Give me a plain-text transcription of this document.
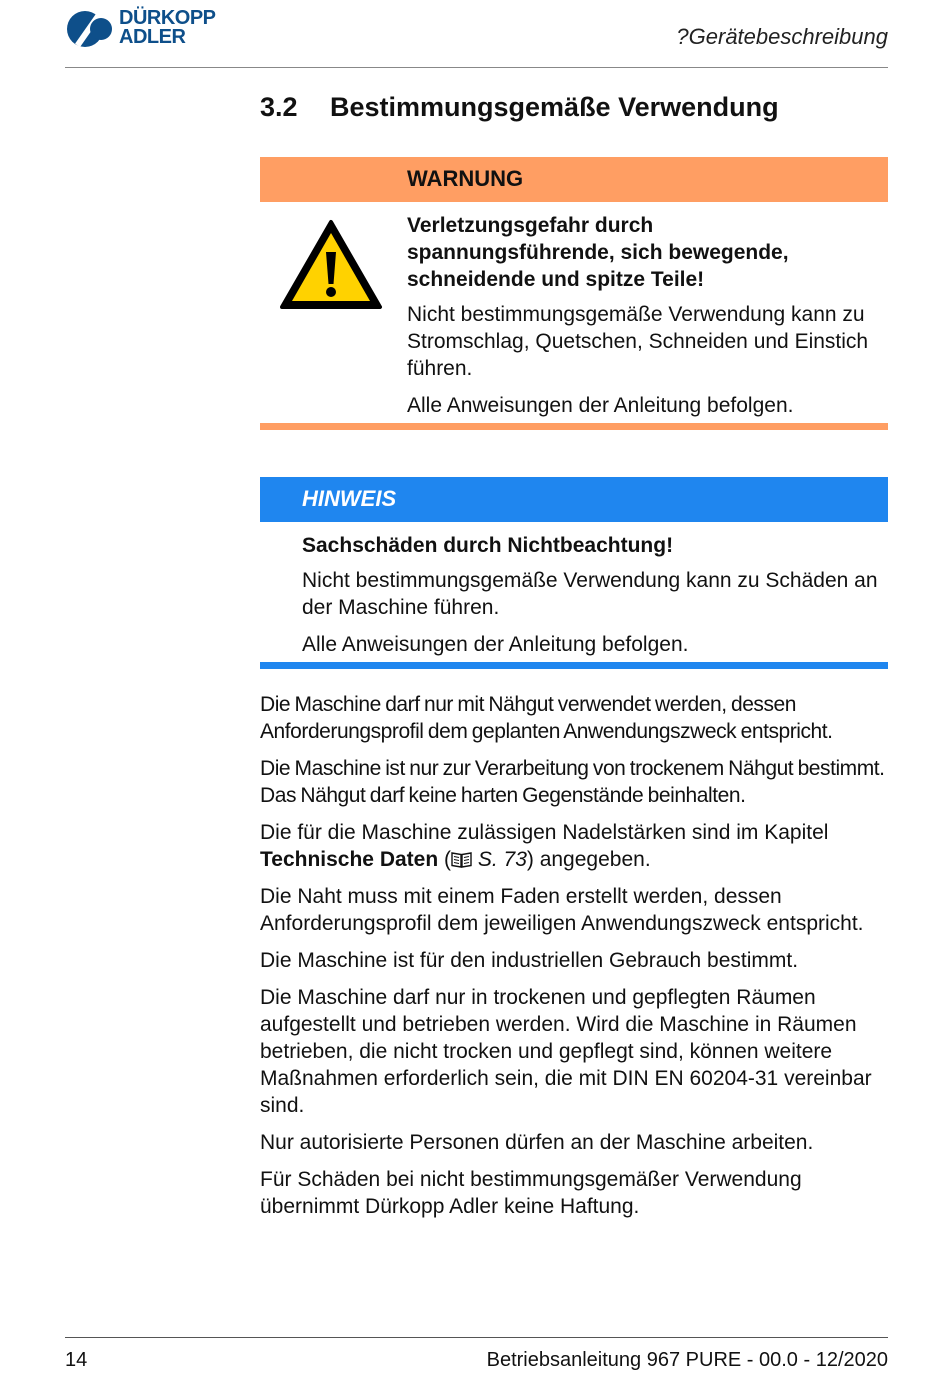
DÜRKOPP
ADLER	?Gerätebeschreibung
3.2 Bestimmungsgemäße Verwendung
WARNUNG
Verletzungsgefahr durch
spannungsführende, sich bewegende,
schneidende und spitze Teile!

Nicht bestimmungsgemäße Verwendung kann zu Stromschlag, Quetschen, Schneiden und Einstich führen.

Alle Anweisungen der Anleitung befolgen.

HINWEIS
Sachschäden durch Nichtbeachtung!

Nicht bestimmungsgemäße Verwendung kann zu Schäden an der Maschine führen.

Alle Anweisungen der Anleitung befolgen.

Die Maschine darf nur mit Nähgut verwendet werden, dessen Anforderungsprofil dem geplanten Anwendungszweck entspricht.

Die Maschine ist nur zur Verarbeitung von trockenem Nähgut bestimmt. Das Nähgut darf keine harten Gegenstände beinhalten.

Die für die Maschine zulässigen Nadelstärken sind im Kapitel Technische Daten ( S. 73) angegeben.

Die Naht muss mit einem Faden erstellt werden, dessen Anforderungsprofil dem jeweiligen Anwendungszweck entspricht.

Die Maschine ist für den industriellen Gebrauch bestimmt.

Die Maschine darf nur in trockenen und gepflegten Räumen aufgestellt und betrieben werden. Wird die Maschine in Räumen betrieben, die nicht trocken und gepflegt sind, können weitere Maßnahmen erforderlich sein, die mit DIN EN 60204-31 vereinbar sind.

Nur autorisierte Personen dürfen an der Maschine arbeiten.

Für Schäden bei nicht bestimmungsgemäßer Verwendung übernimmt Dürkopp Adler keine Haftung.

14	Betriebsanleitung 967 PURE - 00.0 - 12/2020
